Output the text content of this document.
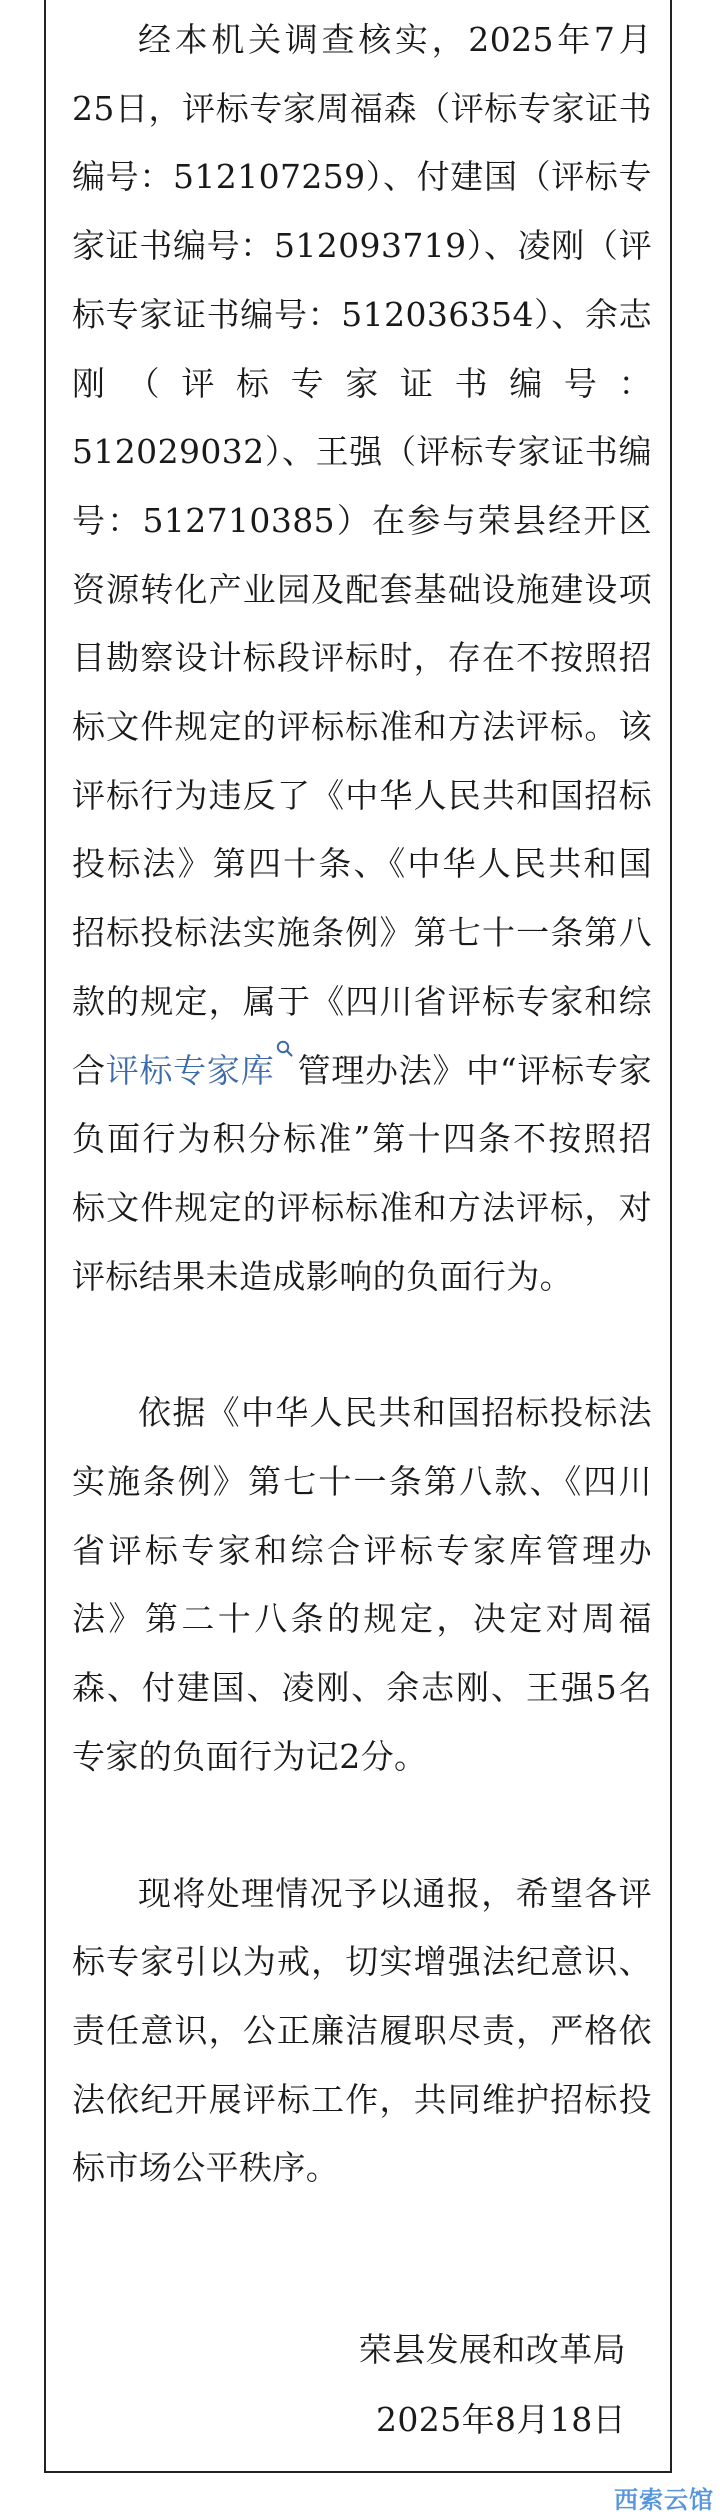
经本机关调查核实，2025年7月25日，评标专家周福森（评标专家证书编号：512107259）、付建国（评标专家证书编号：512093719）、凌刚（评标专家证书编号：512036354）、余志刚（评标专家证书编号：512029032）、王强（评标专家证书编号：512710385）在参与荣县经开区资源转化产业园及配套基础设施建设项目勘察设计标段评标时，存在不按照招标文件规定的评标标准和方法评标。该评标行为违反了《中华人民共和国招标投标法》第四十条、《中华人民共和国招标投标法实施条例》第七十一条第八款的规定，属于《四川省评标专家和综合评标专家库 管理办法》中“评标专家负面行为积分标准”第十四条不按照招标文件规定的评标标准和方法评标，对评标结果未造成影响的负面行为。

依据《中华人民共和国招标投标法实施条例》第七十一条第八款、《四川省评标专家和综合评标专家库管理办法》第二十八条的规定，决定对周福森、付建国、凌刚、余志刚、王强5名专家的负面行为记2分。

现将处理情况予以通报，希望各评标专家引以为戒，切实增强法纪意识、责任意识，公正廉洁履职尽责，严格依法依纪开展评标工作，共同维护招标投标市场公平秩序。

荣县发展和改革局
2025年8月18日
西索云馆
